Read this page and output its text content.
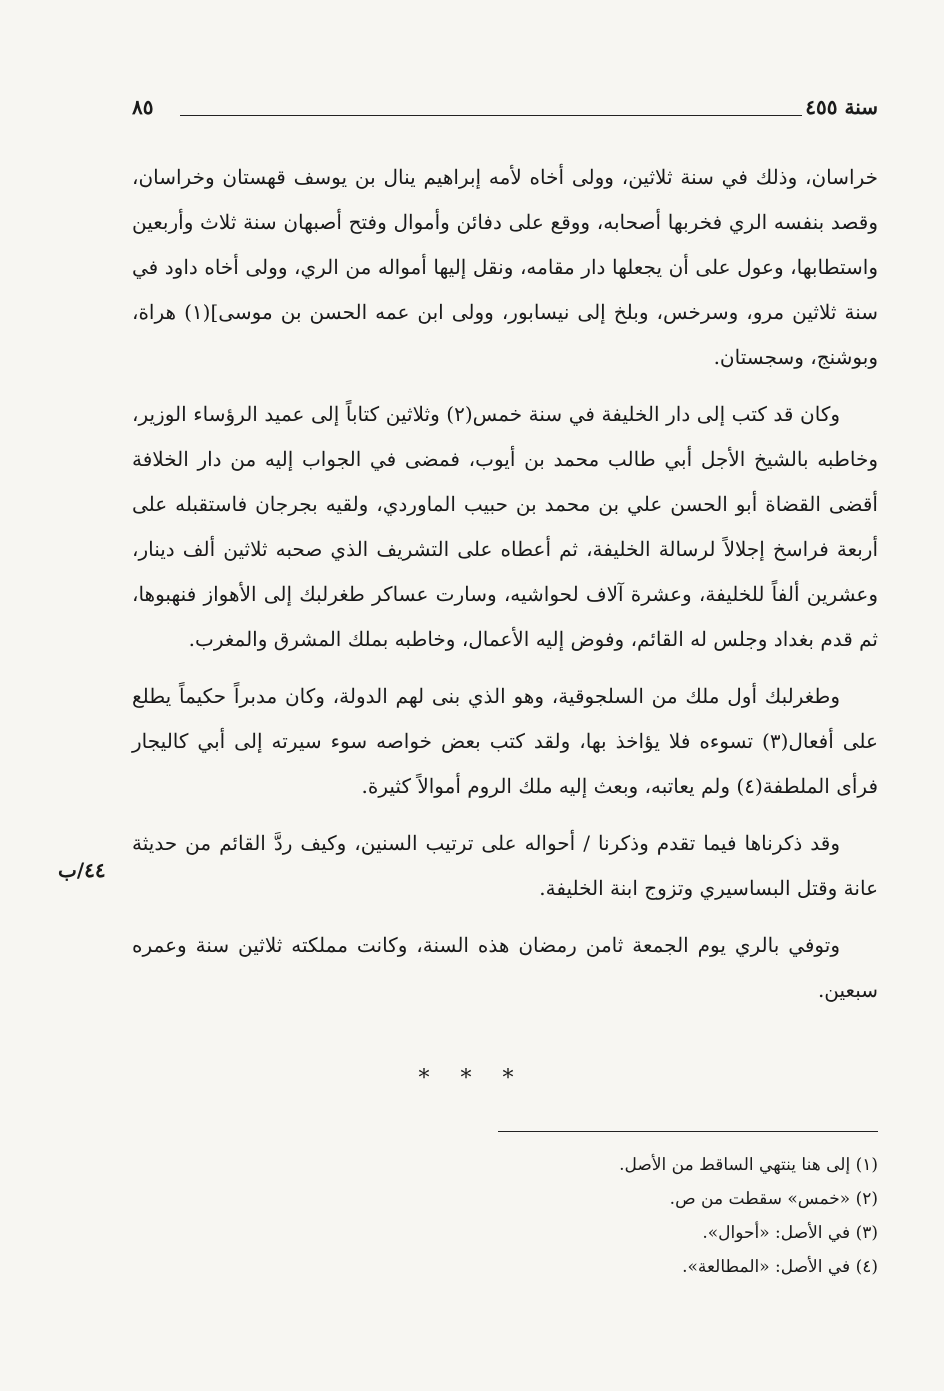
سنة ٤٥٥
٨٥

خراسان، وذلك في سنة ثلاثين، وولى أخاه لأمه إبراهيم ينال بن يوسف قهستان وخراسان، وقصد بنفسه الري فخربها أصحابه، ووقع على دفائن وأموال وفتح أصبهان سنة ثلاث وأربعين واستطابها، وعول على أن يجعلها دار مقامه، ونقل إليها أمواله من الري، وولى أخاه داود في سنة ثلاثين مرو، وسرخس، وبلخ إلى نيسابور، وولى ابن عمه الحسن بن موسى](١) هراة، وبوشنج، وسجستان.

وكان قد كتب إلى دار الخليفة في سنة خمس(٢) وثلاثين كتاباً إلى عميد الرؤساء الوزير، وخاطبه بالشيخ الأجل أبي طالب محمد بن أيوب، فمضى في الجواب إليه من دار الخلافة أقضى القضاة أبو الحسن علي بن محمد بن حبيب الماوردي، ولقيه بجرجان فاستقبله على أربعة فراسخ إجلالاً لرسالة الخليفة، ثم أعطاه على التشريف الذي صحبه ثلاثين ألف دينار، وعشرين ألفاً للخليفة، وعشرة آلاف لحواشيه، وسارت عساكر طغرلبك إلى الأهواز فنهبوها، ثم قدم بغداد وجلس له القائم، وفوض إليه الأعمال، وخاطبه بملك المشرق والمغرب.

وطغرلبك أول ملك من السلجوقية، وهو الذي بنى لهم الدولة، وكان مدبراً حكيماً يطلع على أفعال(٣) تسوءه فلا يؤاخذ بها، ولقد كتب بعض خواصه سوء سيرته إلى أبي كاليجار فرأى الملطفة(٤) ولم يعاتبه، وبعث إليه ملك الروم أموالاً كثيرة.

وقد ذكرناها فيما تقدم وذكرنا / أحواله على ترتيب السنين، وكيف ردَّ القائم من حديثة عانة وقتل البساسيري وتزوج ابنة الخليفة.

وتوفي بالري يوم الجمعة ثامن رمضان هذه السنة، وكانت مملكته ثلاثين سنة وعمره سبعين.

٤٤/ب
* * *
(١) إلى هنا ينتهي الساقط من الأصل.
(٢) «خمس» سقطت من ص.
(٣) في الأصل: «أحوال».
(٤) في الأصل: «المطالعة».
